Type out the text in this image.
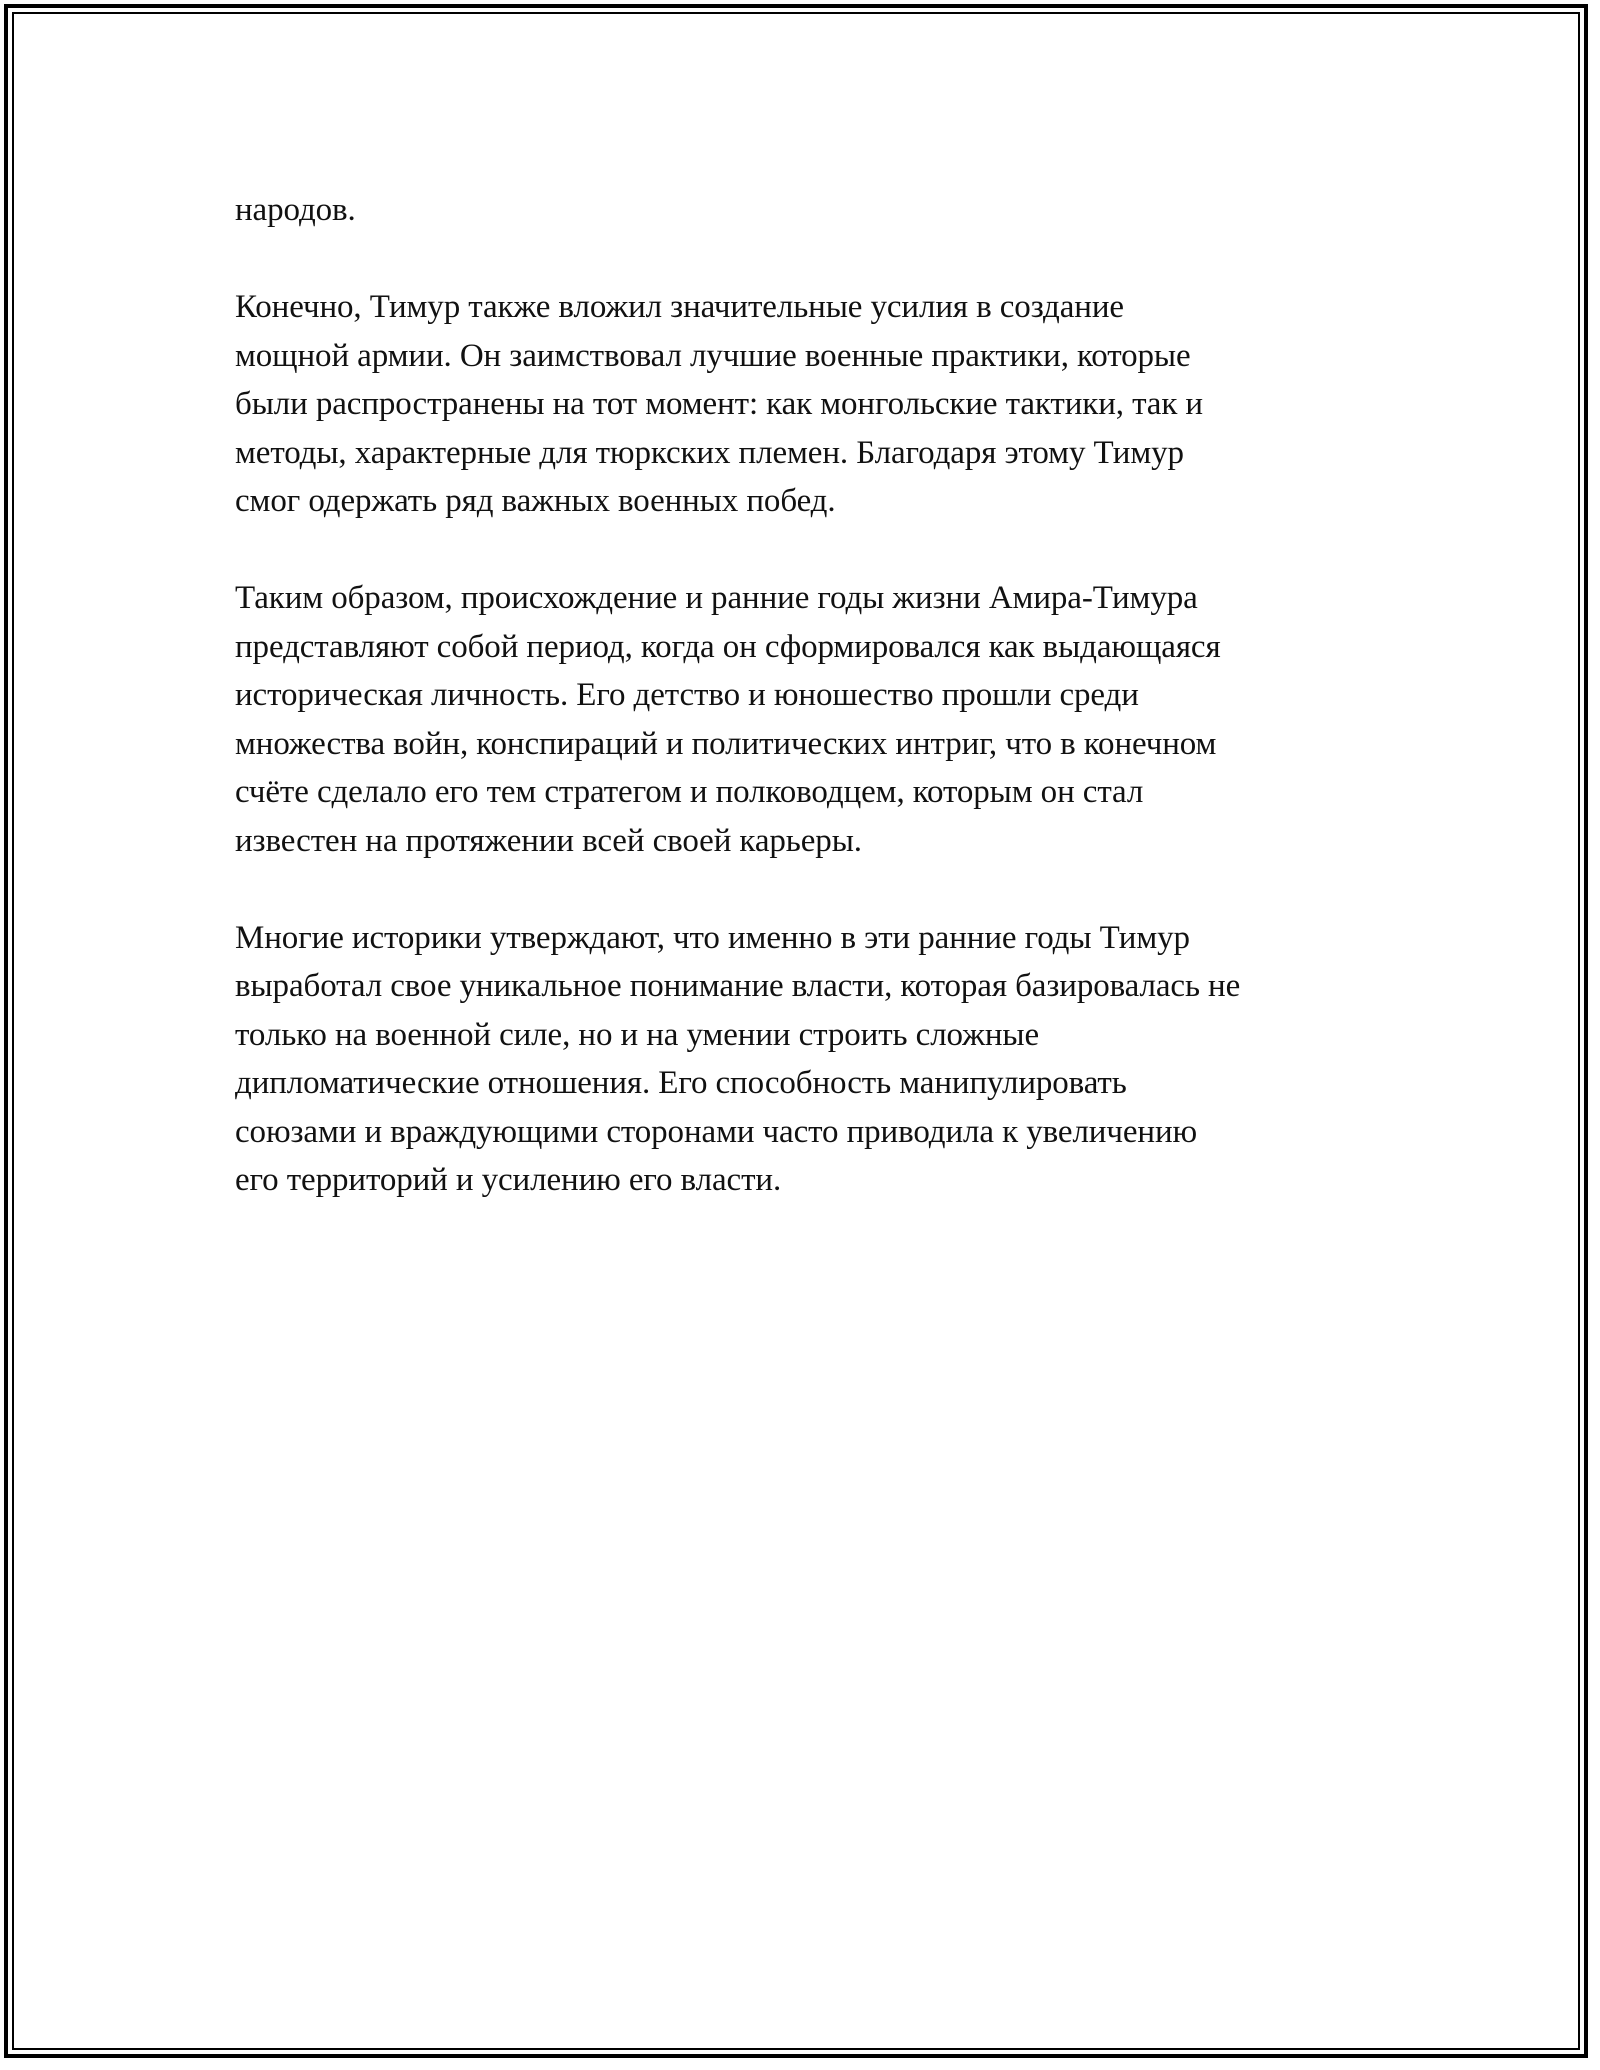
народов.

Конечно, Тимур также вложил значительные усилия в создание
мощной армии. Он заимствовал лучшие военные практики, которые
были распространены на тот момент: как монгольские тактики, так и
методы, характерные для тюркских племен. Благодаря этому Тимур
смог одержать ряд важных военных побед.

Таким образом, происхождение и ранние годы жизни Амира-Тимура
представляют собой период, когда он сформировался как выдающаяся
историческая личность. Его детство и юношество прошли среди
множества войн, конспираций и политических интриг, что в конечном
счёте сделало его тем стратегом и полководцем, которым он стал
известен на протяжении всей своей карьеры.

Многие историки утверждают, что именно в эти ранние годы Тимур
выработал свое уникальное понимание власти, которая базировалась не
только на военной силе, но и на умении строить сложные
дипломатические отношения. Его способность манипулировать
союзами и враждующими сторонами часто приводила к увеличению
его территорий и усилению его власти.
